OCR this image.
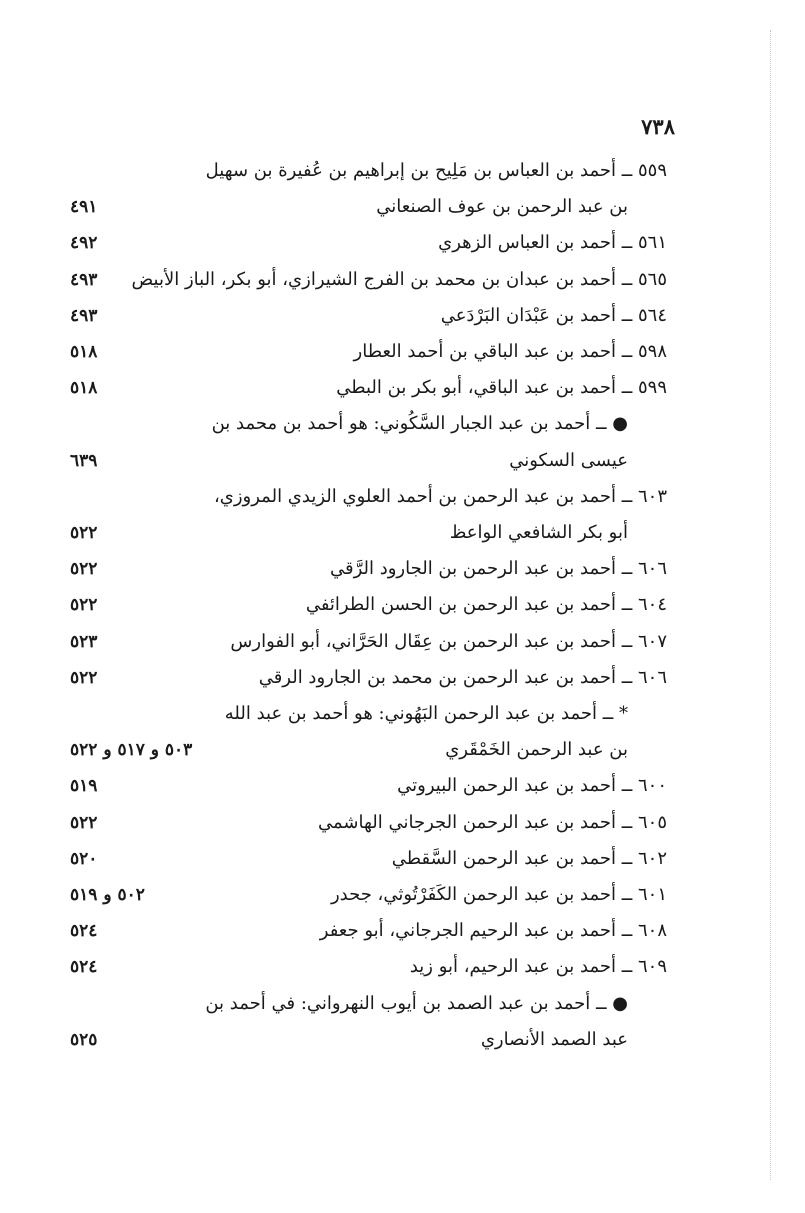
٧٣٨
٥٥٩ ــ أحمد بن العباس بن مَلِيح بن إبراهيم بن عُفيرة بن سهيل
بن عبد الرحمن بن عوف الصنعاني
٤٩١
٥٦١ ــ أحمد بن العباس الزهري
٤٩٢
٥٦٥ ــ أحمد بن عبدان بن محمد بن الفرج الشيرازي، أبو بكر، الباز الأبيض
٤٩٣
٥٦٤ ــ أحمد بن عَبْدَان البَرْدَعي
٤٩٣
٥٩٨ ــ أحمد بن عبد الباقي بن أحمد العطار
٥١٨
٥٩٩ ــ أحمد بن عبد الباقي، أبو بكر بن البطي
٥١٨
● ــ أحمد بن عبد الجبار السَّكُوني: هو أحمد بن محمد بن
عيسى السكوني
٦٣٩
٦٠٣ ــ أحمد بن عبد الرحمن بن أحمد العلوي الزيدي المروزي،
أبو بكر الشافعي الواعظ
٥٢٢
٦٠٦ ــ أحمد بن عبد الرحمن بن الجارود الرَّقي
٥٢٢
٦٠٤ ــ أحمد بن عبد الرحمن بن الحسن الطرائفي
٥٢٢
٦٠٧ ــ أحمد بن عبد الرحمن بن عِقَال الحَرَّاني، أبو الفوارس
٥٢٣
٦٠٦ ــ أحمد بن عبد الرحمن بن محمد بن الجارود الرقي
٥٢٢
* ــ أحمد بن عبد الرحمن البَهُوني: هو أحمد بن عبد الله
بن عبد الرحمن الخَمْقَري
٥٠٣ و ٥١٧ و ٥٢٢
٦٠٠ ــ أحمد بن عبد الرحمن البيروتي
٥١٩
٦٠٥ ــ أحمد بن عبد الرحمن الجرجاني الهاشمي
٥٢٢
٦٠٢ ــ أحمد بن عبد الرحمن السَّقطي
٥٢٠
٦٠١ ــ أحمد بن عبد الرحمن الكَفَرْتُوثي، جحدر
٥٠٢ و ٥١٩
٦٠٨ ــ أحمد بن عبد الرحيم الجرجاني، أبو جعفر
٥٢٤
٦٠٩ ــ أحمد بن عبد الرحيم، أبو زيد
٥٢٤
● ــ أحمد بن عبد الصمد بن أيوب النهرواني: في أحمد بن
عبد الصمد الأنصاري
٥٢٥
